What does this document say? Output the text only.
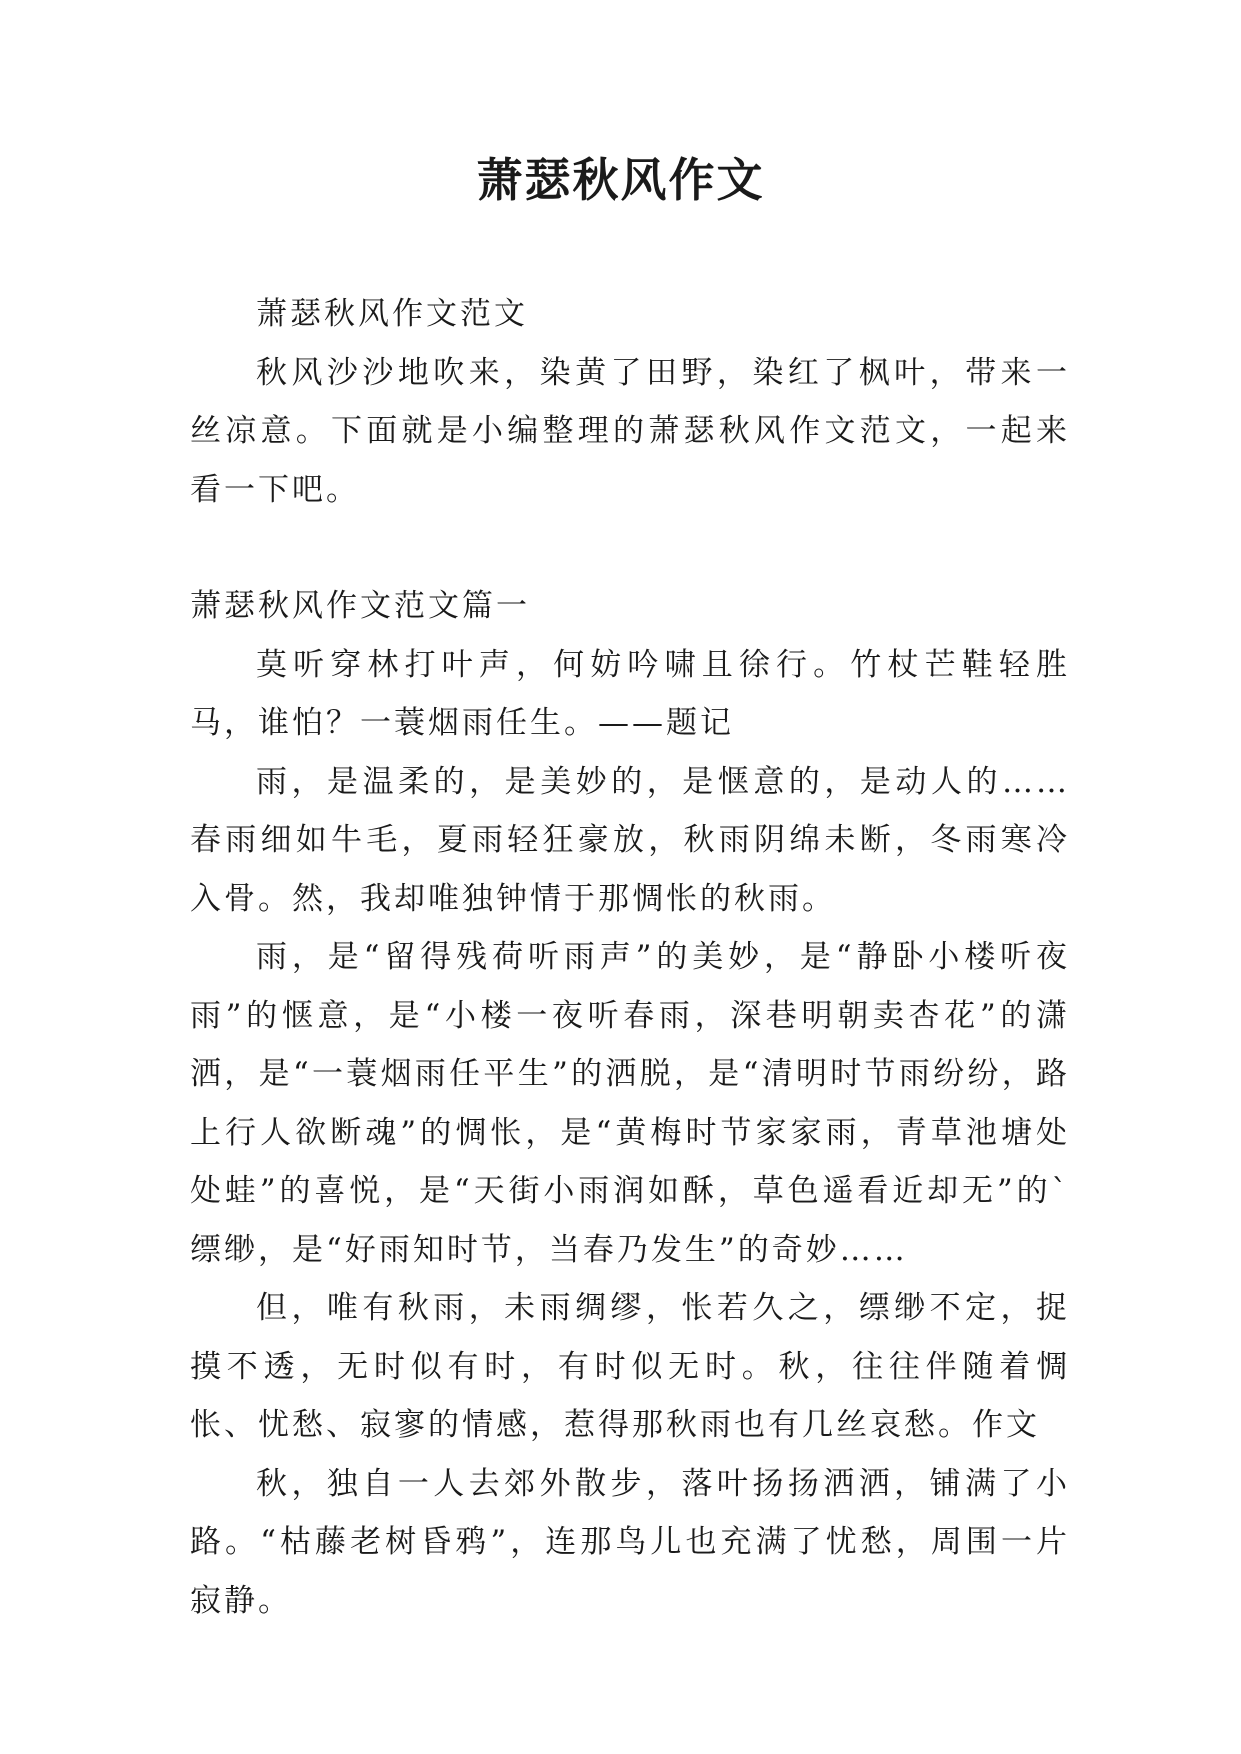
萧瑟秋风作文

萧瑟秋风作文范文

秋风沙沙地吹来，染黄了田野，染红了枫叶，带来一丝凉意。下面就是小编整理的萧瑟秋风作文范文，一起来看一下吧。

萧瑟秋风作文范文篇一

莫听穿林打叶声，何妨吟啸且徐行。竹杖芒鞋轻胜马，谁怕？一蓑烟雨任生。——题记

雨，是温柔的，是美妙的，是惬意的，是动人的……春雨细如牛毛，夏雨轻狂豪放，秋雨阴绵未断，冬雨寒冷入骨。然，我却唯独钟情于那惆怅的秋雨。

雨，是“留得残荷听雨声”的美妙，是“静卧小楼听夜雨”的惬意，是“小楼一夜听春雨，深巷明朝卖杏花”的潇洒，是“一蓑烟雨任平生”的洒脱，是“清明时节雨纷纷，路上行人欲断魂”的惆怅，是“黄梅时节家家雨，青草池塘处处蛙”的喜悦，是“天街小雨润如酥，草色遥看近却无”的`缥缈，是“好雨知时节，当春乃发生”的奇妙……

但，唯有秋雨，未雨绸缪，怅若久之，缥缈不定，捉摸不透，无时似有时，有时似无时。秋，往往伴随着惆怅、忧愁、寂寥的情感，惹得那秋雨也有几丝哀愁。作文

秋，独自一人去郊外散步，落叶扬扬洒洒，铺满了小路。“枯藤老树昏鸦”，连那鸟儿也充满了忧愁，周围一片寂静。
